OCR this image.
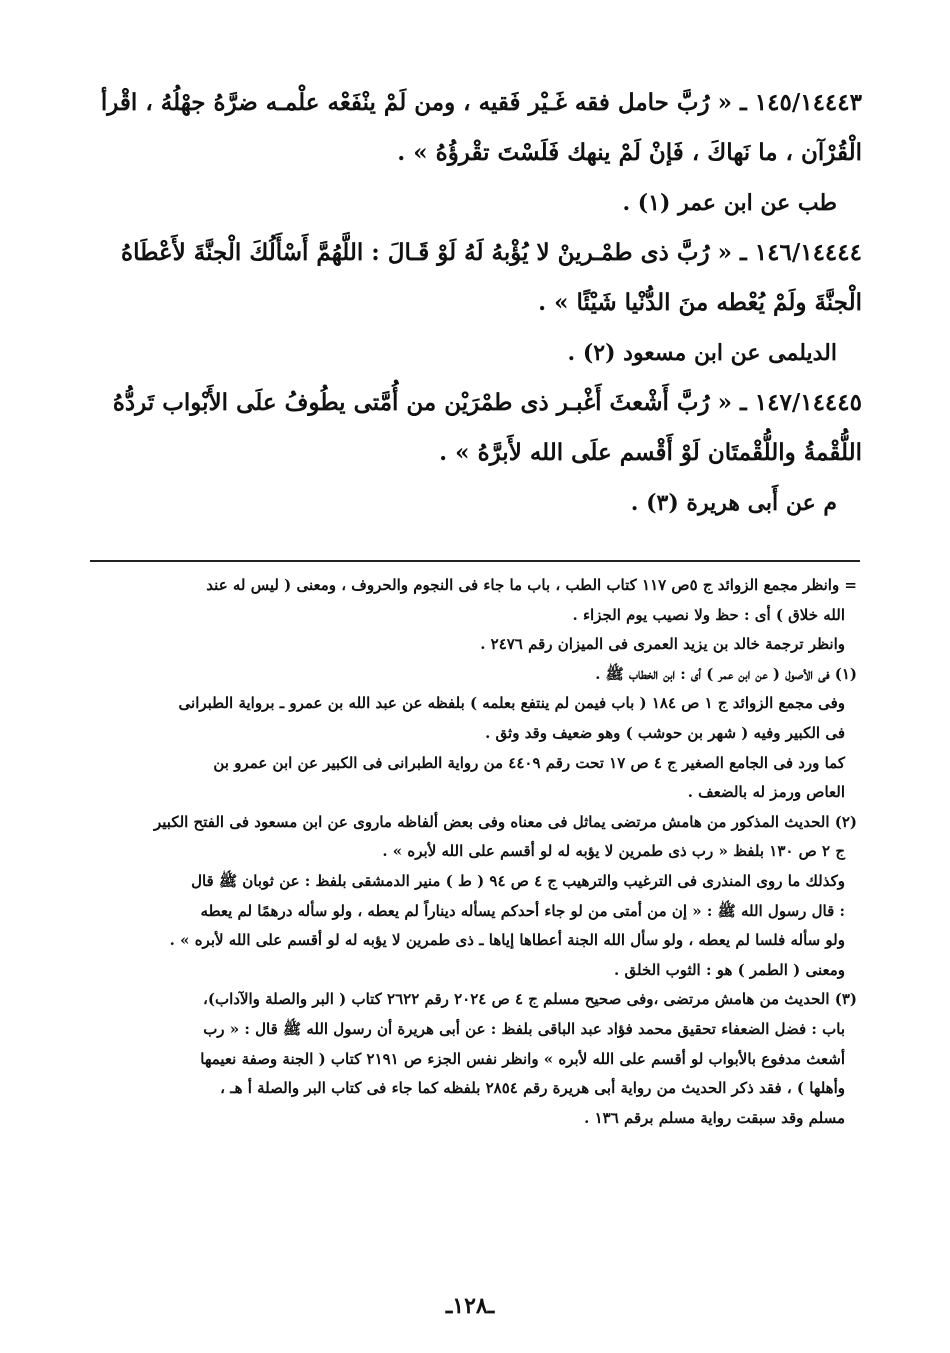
١٤٥/١٤٤٤٣ ـ « رُبَّ حامل فقه غَـيْر فَقيه ، ومن لَمْ ينْفَعْه علْمـه ضرَّهُ جهْلُهُ ، اقْرأ
الْقُرْآن ، ما نَهاكَ ، فَإنْ لَمْ ينهك فَلَسْتَ تقْرؤُهُ » .
طب عن ابن عمر (١) .
١٤٦/١٤٤٤٤ ـ « رُبَّ ذى طمْـرينْ لا يُؤْبهُ لَهُ لَوْ قَـالَ : اللَّهُمَّ أَسْأَلُكَ الْجنَّةَ لأَعْطَاهُ
الْجنَّةَ ولَمْ يُعْطه منَ الدُّنْيا شَيْئًا » .
الديلمى عن ابن مسعود (٢) .
١٤٧/١٤٤٤٥ ـ « رُبَّ أَشْعثَ أَغْبـر ذى طمْرَيْن من أُمَّتى يطُوفُ علَى الأَبْواب تَردُّهُ
اللُّقْمةُ واللُّقْمتَان لَوْ أَقْسم علَى الله لأَبرَّهُ » .
م عن أَبى هريرة (٣) .
= وانظر مجمع الزوائد ج ٥ص ١١٧ كتاب الطب ، باب ما جاء فى النجوم والحروف ، ومعنى ( ليس له عند
الله خلاق ) أى : حظ ولا نصيب يوم الجزاء .
وانظر ترجمة خالد بن يزيد العمرى فى الميزان رقم ٢٤٧٦ .
(١) فى الأصول ( عن ابن عمر ) أى : ابن الخطاب ﷺ .
وفى مجمع الزوائد ج ١ ص ١٨٤ ( باب فيمن لم ينتفع بعلمه ) بلفظه عن عبد الله بن عمرو ـ برواية الطبرانى
فى الكبير وفيه ( شهر بن حوشب ) وهو ضعيف وقد وثق .
كما ورد فى الجامع الصغير ج ٤ ص ١٧ تحت رقم ٤٤٠٩ من رواية الطبرانى فى الكبير عن ابن عمرو بن
العاص ورمز له بالضعف .
(٢) الحديث المذكور من هامش مرتضى يماثل فى معناه وفى بعض ألفاظه ماروى عن ابن مسعود فى الفتح الكبير
ج ٢ ص ١٣٠ بلفظ « رب ذى طمرين لا يؤبه له لو أقسم على الله لأبره » .
وكذلك ما روى المنذرى فى الترغيب والترهيب ج ٤ ص ٩٤ ( ط ) منير الدمشقى بلفظ : عن ثوبان ﷺ قال
: قال رسول الله ﷺ : « إن من أمتى من لو جاء أحدكم يسأله ديناراً لم يعطه ، ولو سأله درهمًا لم يعطه
ولو سأله فلسا لم يعطه ، ولو سأل الله الجنة أعطاها إياها ـ ذى طمرين لا يؤبه له لو أقسم على الله لأبره » .
ومعنى ( الطمر ) هو : الثوب الخلق .
(٣) الحديث من هامش مرتضى ،وفى صحيح مسلم ج ٤ ص ٢٠٢٤ رقم ٢٦٢٢ كتاب ( البر والصلة والآداب)،
باب : فضل الضعفاء تحقيق محمد فؤاد عبد الباقى بلفظ : عن أبى هريرة أن رسول الله ﷺ قال : « رب
أشعث مدفوع بالأبواب لو أقسم على الله لأبره » وانظر نفس الجزء ص ٢١٩١ كتاب ( الجنة وصفة نعيمها
وأهلها ) ، فقد ذكر الحديث من رواية أبى هريرة رقم ٢٨٥٤ بلفظه كما جاء فى كتاب البر والصلة أ هـ ،
مسلم وقد سبقت رواية مسلم برقم ١٣٦ .
ـ١٢٨ـ
